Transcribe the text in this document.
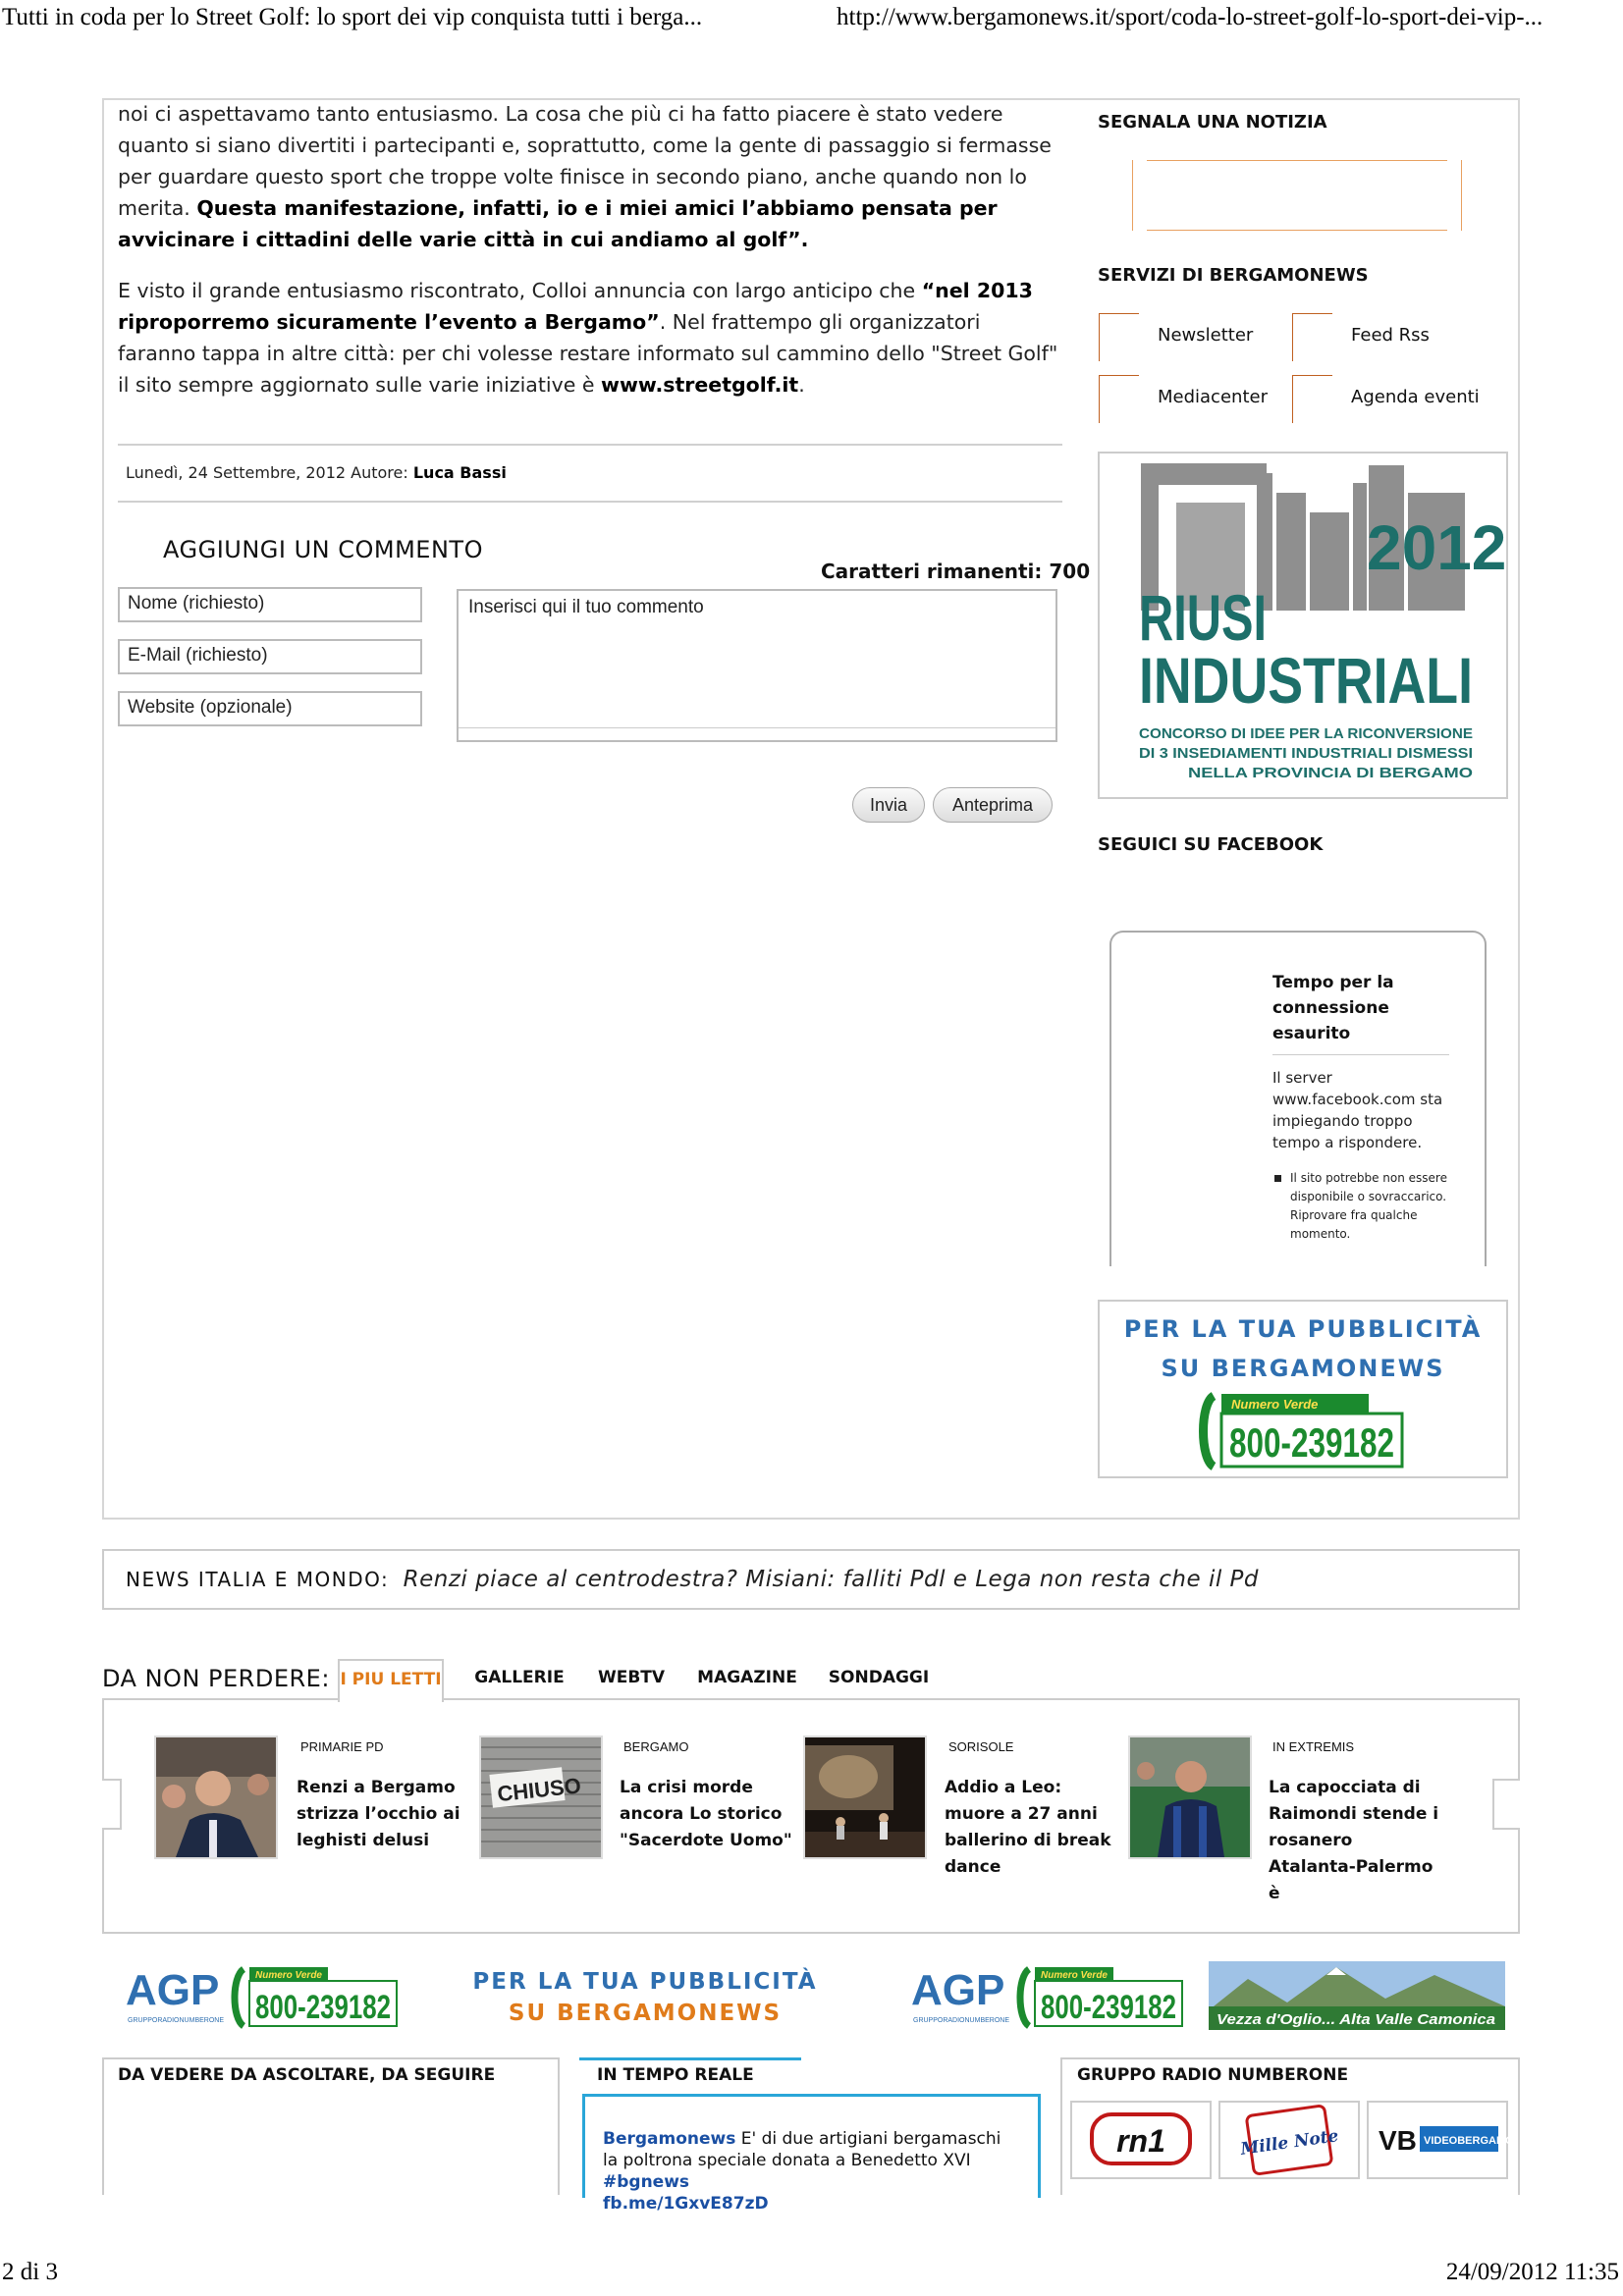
Tutti in coda per lo Street Golf: lo sport dei vip conquista tutti i berga...	http://www.bergamonews.it/sport/coda-lo-street-golf-lo-sport-dei-vip-...

noi ci aspettavamo tanto entusiasmo. La cosa che più ci ha fatto piacere è stato vedere quanto si siano divertiti i partecipanti e, soprattutto, come la gente di passaggio si fermasse per guardare questo sport che troppe volte finisce in secondo piano, anche quando non lo merita. Questa manifestazione, infatti, io e i miei amici l’abbiamo pensata per avvicinare i cittadini delle varie città in cui andiamo al golf”.

E visto il grande entusiasmo riscontrato, Colloi annuncia con largo anticipo che “nel 2013 riproporremo sicuramente l’evento a Bergamo”. Nel frattempo gli organizzatori faranno tappa in altre città: per chi volesse restare informato sul cammino dello "Street Golf" il sito sempre aggiornato sulle varie iniziative è www.streetgolf.it.

Lunedì, 24 Settembre, 2012 Autore: Luca Bassi
AGGIUNGI UN COMMENTO
Caratteri rimanenti: 700
Nome (richiesto)
E-Mail (richiesto)
Website (opzionale)
Inserisci qui il tuo commento
Invia	Anteprima
SEGNALA UNA NOTIZIA
SERVIZI DI BERGAMONEWS
Newsletter	Feed Rss
Mediacenter	Agenda eventi
2012
RIUSI
INDUSTRIALI
CONCORSO DI IDEE PER LA RICONVERSIONE
DI 3 INSEDIAMENTI INDUSTRIALI DISMESSI
NELLA PROVINCIA DI BERGAMO
SEGUICI SU FACEBOOK
Tempo per la connessione esaurito
Il server www.facebook.com sta impiegando troppo tempo a rispondere.
Il sito potrebbe non essere disponibile o sovraccarico. Riprovare fra qualche momento.
PER LA TUA PUBBLICITÀ
SU BERGAMONEWS
Numero Verde
800-239182
NEWS ITALIA E MONDO: Renzi piace al centrodestra? Misiani: falliti Pdl e Lega non resta che il Pd
DA NON PERDERE: I PIU LETTI	GALLERIE	WEBTV	MAGAZINE	SONDAGGI
PRIMARIE PD
Renzi a Bergamo strizza l’occhio ai leghisti delusi
CHIUSO
BERGAMO
La crisi morde ancora Lo storico "Sacerdote Uomo"
SORISOLE
Addio a Leo: muore a 27 anni ballerino di break dance
IN EXTREMIS
La capocciata di Raimondi stende i rosanero Atalanta-Palermo è
AGP
GRUPPORADIONUMBERONE
Numero Verde
800-239182
PER LA TUA PUBBLICITÀ
SU BERGAMONEWS	AGP
GRUPPORADIONUMBERONE
Numero Verde
800-239182	Vezza d'Oglio... Alta Valle Camonica
DA VEDERE DA ASCOLTARE, DA SEGUIRE	IN TEMPO REALE
Bergamonews E' di due artigiani bergamaschi la poltrona speciale donata a Benedetto XVI #bgnews
fb.me/1GxvE87zD
GRUPPO RADIO NUMBERONE
rn1	Mille Note VB VIDEOBERGAMO
2 di 3	24/09/2012 11:35
